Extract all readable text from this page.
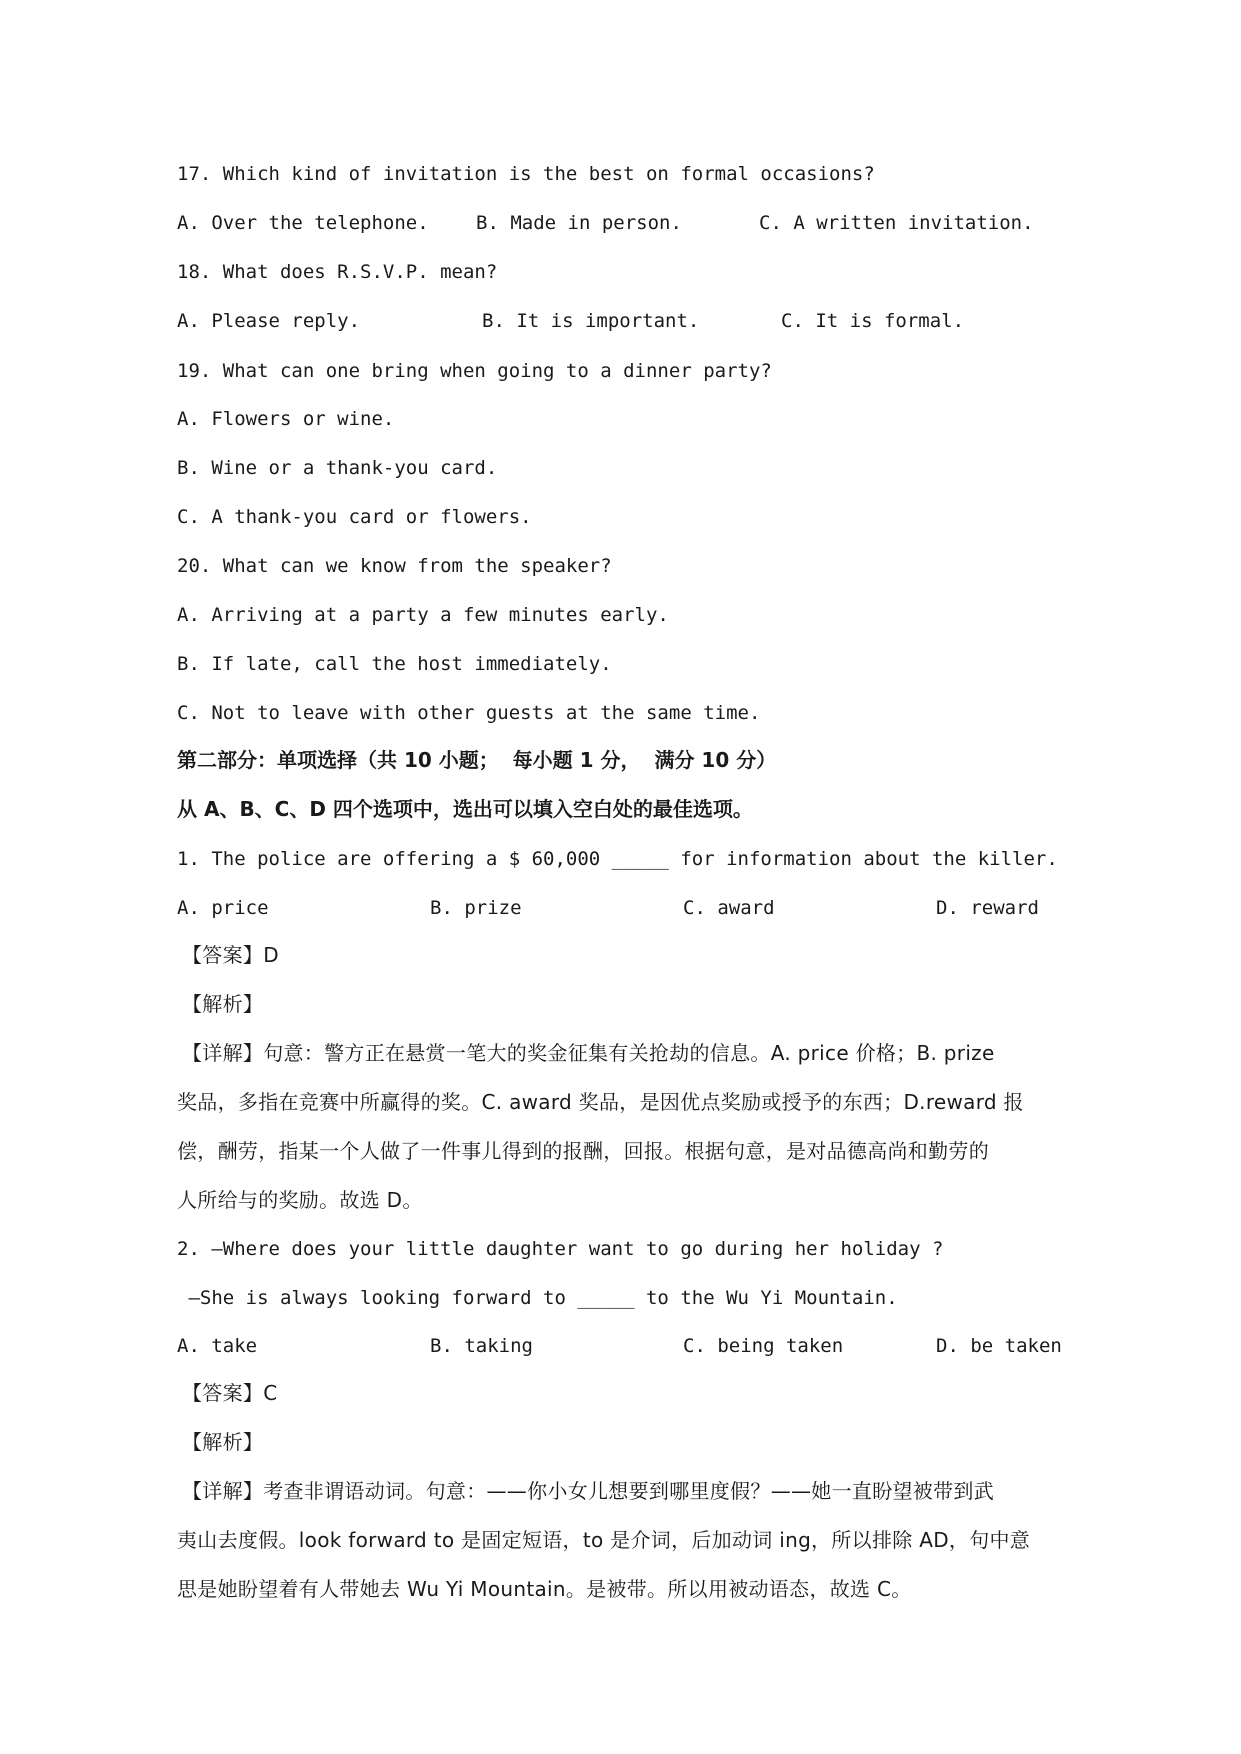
17. Which kind of invitation is the best on formal occasions?
A. Over the telephone. B. Made in person.	C. A written invitation.
18. What does R.S.V.P. mean?
A. Please reply.	B. It is important.	C. It is formal.
19. What can one bring when going to a dinner party?
A. Flowers or wine.
B. Wine or a thank-you card.
C. A thank-you card or flowers.
20. What can we know from the speaker?
A. Arriving at a party a few minutes early.
B. If late, call the host immediately.
C. Not to leave with other guests at the same time.
第二部分：单项选择（共 10 小题；  每小题 1 分，  满分 10 分）
从 A、B、C、D 四个选项中，选出可以填入空白处的最佳选项。
1. The police are offering a $ 60,000 _____ for information about the killer.
A. price	B. prize	C. award	D. reward
【答案】D
【解析】
【详解】句意：警方正在悬赏一笔大的奖金征集有关抢劫的信息。A. price 价格；B. prize
奖品，多指在竞赛中所赢得的奖。C. award 奖品，是因优点奖励或授予的东西；D.reward 报
偿，酬劳，指某一个人做了一件事儿得到的报酬，回报。根据句意，是对品德高尚和勤劳的
人所给与的奖励。故选 D。
2. —Where does your little daughter want to go during her holiday ?
—She is always looking forward to _____ to the Wu Yi Mountain.
A. take	B. taking	C. being taken	D. be taken
【答案】C
【解析】
【详解】考查非谓语动词。句意：——你小女儿想要到哪里度假？——她一直盼望被带到武
夷山去度假。look forward to 是固定短语，to 是介词，后加动词 ing，所以排除 AD，句中意
思是她盼望着有人带她去 Wu Yi Mountain。是被带。所以用被动语态，故选 C。
